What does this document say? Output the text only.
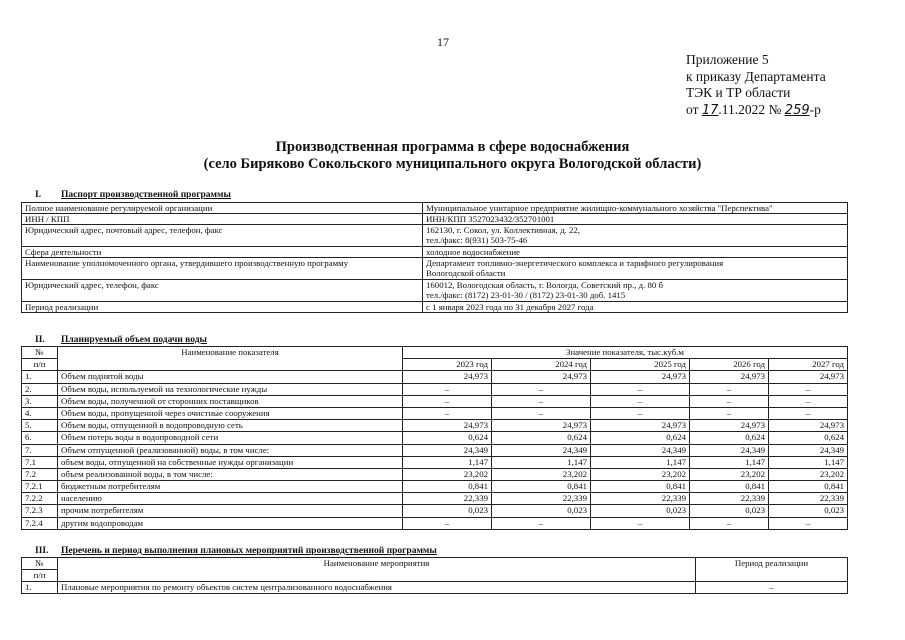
17
Приложение 5
к приказу Департамента
ТЭК и ТР области
от 17.11.2022 № 259-р
Производственная программа в сфере водоснабжения
(село Биряково Сокольского муниципального округа Вологодской области)
I. Паспорт производственной программы
Полное наименование регулируемой организации	Муниципальное унитарное предприятие жилищно-коммунального хозяйства "Перспектива"
ИНН / КПП	ИНН/КПП 3527023432/352701001
Юридический адрес, почтовый адрес, телефон, факс	162130, г. Сокол, ул. Коллективная, д. 22,
тел./факс: 8(931) 503-75-46

Сфера деятельности	холодное водоснабжение
Наименование уполномоченного органа, утвердившего производственную программу	Департамент топливно-энергетического комплекса и тарифного регулирования
Вологодской области

Юридический адрес, телефон, факс	160012, Вологодская область, г. Вологда, Советский пр., д. 80 б
тел./факс: (8172) 23-01-30 / (8172) 23-01-30 доб. 1415

Период реализации	с 1 января 2023 года по 31 декабря 2027 года
II. Планируемый объем подачи воды
№	Наименование показателя	Значение показателя, тыс.куб.м				
п/п		2023 год	2024 год	2025 год	2026 год	2027 год
1.	Объем поднятой воды	24,973	24,973	24,973	24,973	24,973
2.	Объем воды, используемой на технологические нужды	–	–	–	–	–
3.	Объем воды, полученной от сторонних поставщиков	–	–	–	–	–
4.	Объем воды, пропущенной через очистные сооружения	–	–	–	–	–
5.	Объем воды, отпущенной в водопроводную сеть	24,973	24,973	24,973	24,973	24,973
6.	Объем потерь воды в водопроводной сети	0,624	0,624	0,624	0,624	0,624
7.	Объем отпущенной (реализованной) воды, в том числе:	24,349	24,349	24,349	24,349	24,349
7.1	объем воды, отпущенной на собственные нужды организации	1,147	1,147	1,147	1,147	1,147
7.2	объем реализованной воды, в том числе:	23,202	23,202	23,202	23,202	23,202
7.2.1	бюджетным потребителям	0,841	0,841	0,841	0,841	0,841
7.2.2	населению	22,339	22,339	22,339	22,339	22,339
7.2.3	прочим потребителям	0,023	0,023	0,023	0,023	0,023
7.2.4	другим водопроводам	–	–	–	–	–
III. Перечень и период выполнения плановых мероприятий производственной программы
№	Наименование мероприятия	Период реализации
п/п		
1.	Плановые мероприятия по ремонту объектов систем централизованного водоснабжения	–
